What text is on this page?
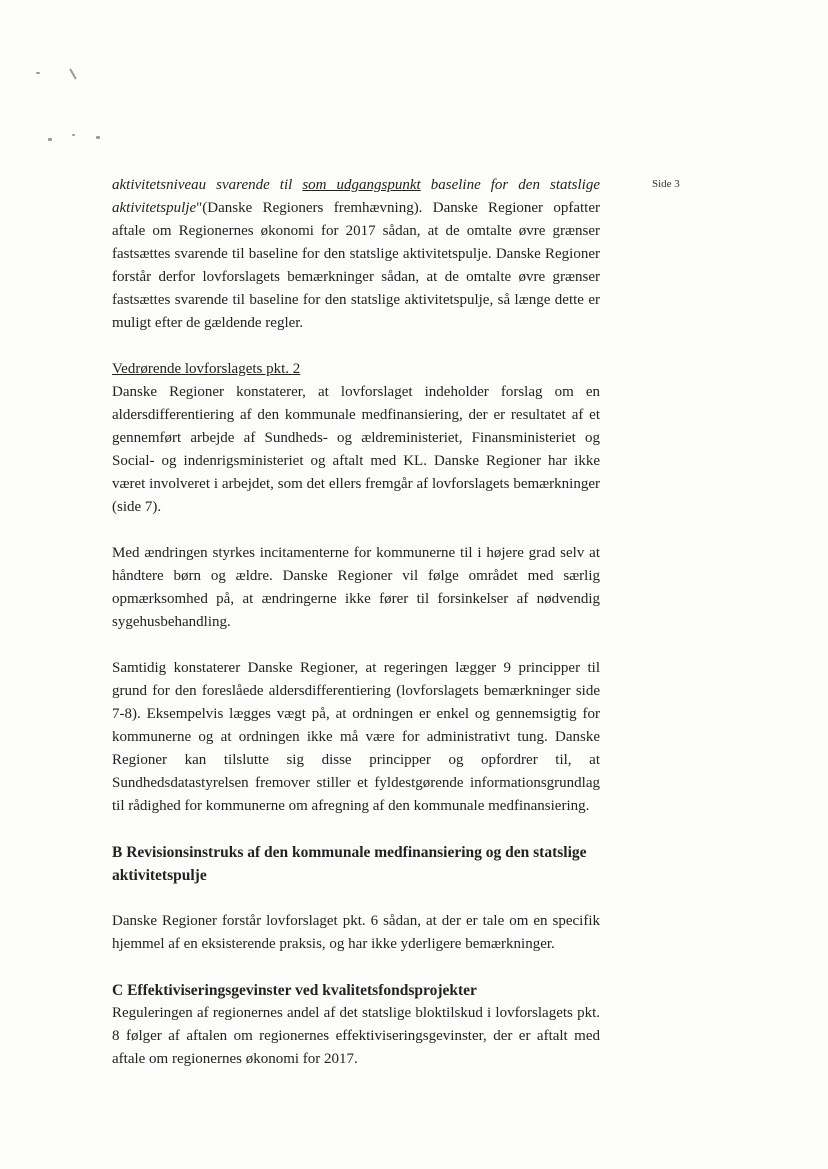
Side 3

aktivitetsniveau svarende til som udgangspunkt baseline for den statslige aktivitetspulje"(Danske Regioners fremhævning). Danske Regioner opfatter aftale om Regionernes økonomi for 2017 sådan, at de omtalte øvre grænser fastsættes svarende til baseline for den statslige aktivitetspulje. Danske Regioner forstår derfor lovforslagets bemærkninger sådan, at de omtalte øvre grænser fastsættes svarende til baseline for den statslige aktivitetspulje, så længe dette er muligt efter de gældende regler.

Vedrørende lovforslagets pkt. 2

Danske Regioner konstaterer, at lovforslaget indeholder forslag om en aldersdifferentiering af den kommunale medfinansiering, der er resultatet af et gennemført arbejde af Sundheds- og ældreministeriet, Finansministeriet og Social- og indenrigsministeriet og aftalt med KL. Danske Regioner har ikke været involveret i arbejdet, som det ellers fremgår af lovforslagets bemærkninger (side 7).

Med ændringen styrkes incitamenterne for kommunerne til i højere grad selv at håndtere børn og ældre. Danske Regioner vil følge området med særlig opmærksomhed på, at ændringerne ikke fører til forsinkelser af nødvendig sygehusbehandling.

Samtidig konstaterer Danske Regioner, at regeringen lægger 9 principper til grund for den foreslåede aldersdifferentiering (lovforslagets bemærkninger side 7-8). Eksempelvis lægges vægt på, at ordningen er enkel og gennemsigtig for kommunerne og at ordningen ikke må være for administrativt tung. Danske Regioner kan tilslutte sig disse principper og opfordrer til, at Sundhedsdatastyrelsen fremover stiller et fyldestgørende informationsgrundlag til rådighed for kommunerne om afregning af den kommunale medfinansiering.

B Revisionsinstruks af den kommunale medfinansiering og den statslige aktivitetspulje

Danske Regioner forstår lovforslaget pkt. 6 sådan, at der er tale om en specifik hjemmel af en eksisterende praksis, og har ikke yderligere bemærkninger.

C Effektiviseringsgevinster ved kvalitetsfondsprojekter

Reguleringen af regionernes andel af det statslige bloktilskud i lovforslagets pkt. 8 følger af aftalen om regionernes effektiviseringsgevinster, der er aftalt med aftale om regionernes økonomi for 2017.
